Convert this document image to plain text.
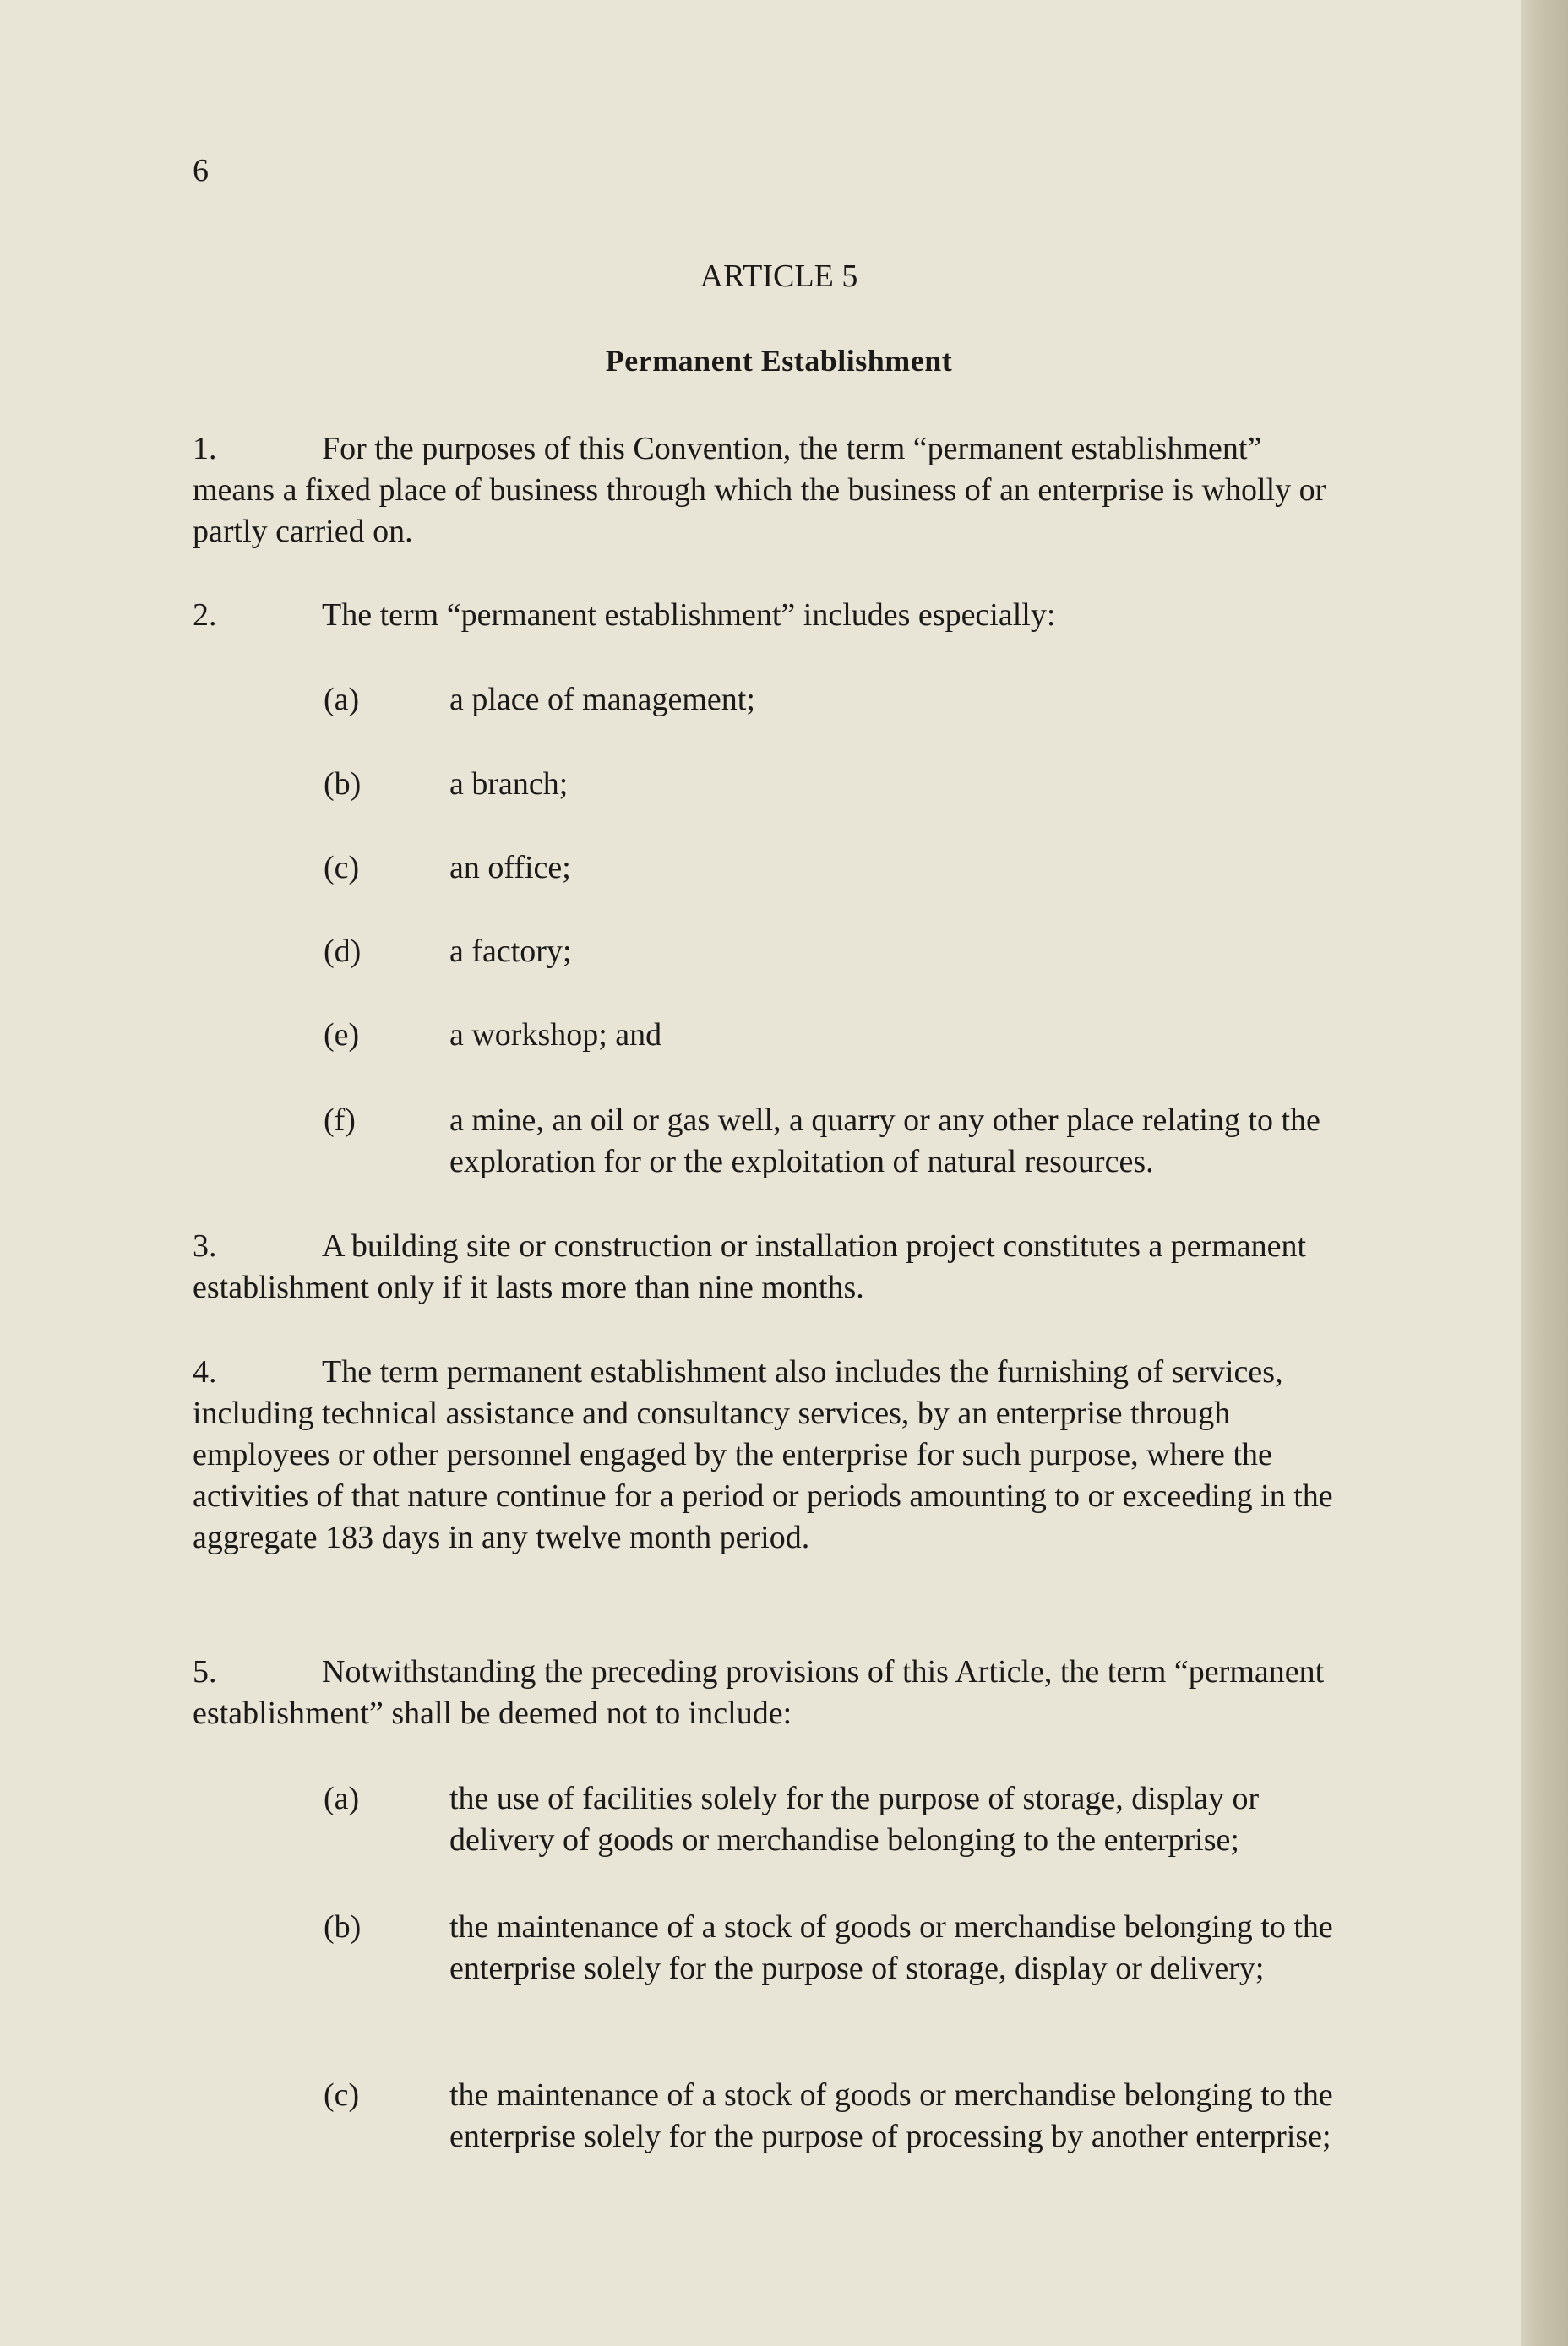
6
ARTICLE 5
Permanent Establishment
1.	For the purposes of this Convention, the term “permanent establishment” means a fixed place of business through which the business of an enterprise is wholly or partly carried on.
2.	The term “permanent establishment” includes especially:
(a)	a place of management;
(b)	a branch;
(c)	an office;
(d)	a factory;
(e)	a workshop; and
(f)	a mine, an oil or gas well, a quarry or any other place relating to the exploration for or the exploitation of natural resources.
3.	A building site or construction or installation project constitutes a permanent establishment only if it lasts more than nine months.
4.	The term permanent establishment also includes the furnishing of services, including technical assistance and consultancy services, by an enterprise through employees or other personnel engaged by the enterprise for such purpose, where the activities of that nature continue for a period or periods amounting to or exceeding in the aggregate 183 days in any twelve month period.
5.	Notwithstanding the preceding provisions of this Article, the term “permanent establishment” shall be deemed not to include:
(a)	the use of facilities solely for the purpose of storage, display or delivery of goods or merchandise belonging to the enterprise;
(b)	the maintenance of a stock of goods or merchandise belonging to the enterprise solely for the purpose of storage, display or delivery;
(c)	the maintenance of a stock of goods or merchandise belonging to the enterprise solely for the purpose of processing by another enterprise;
